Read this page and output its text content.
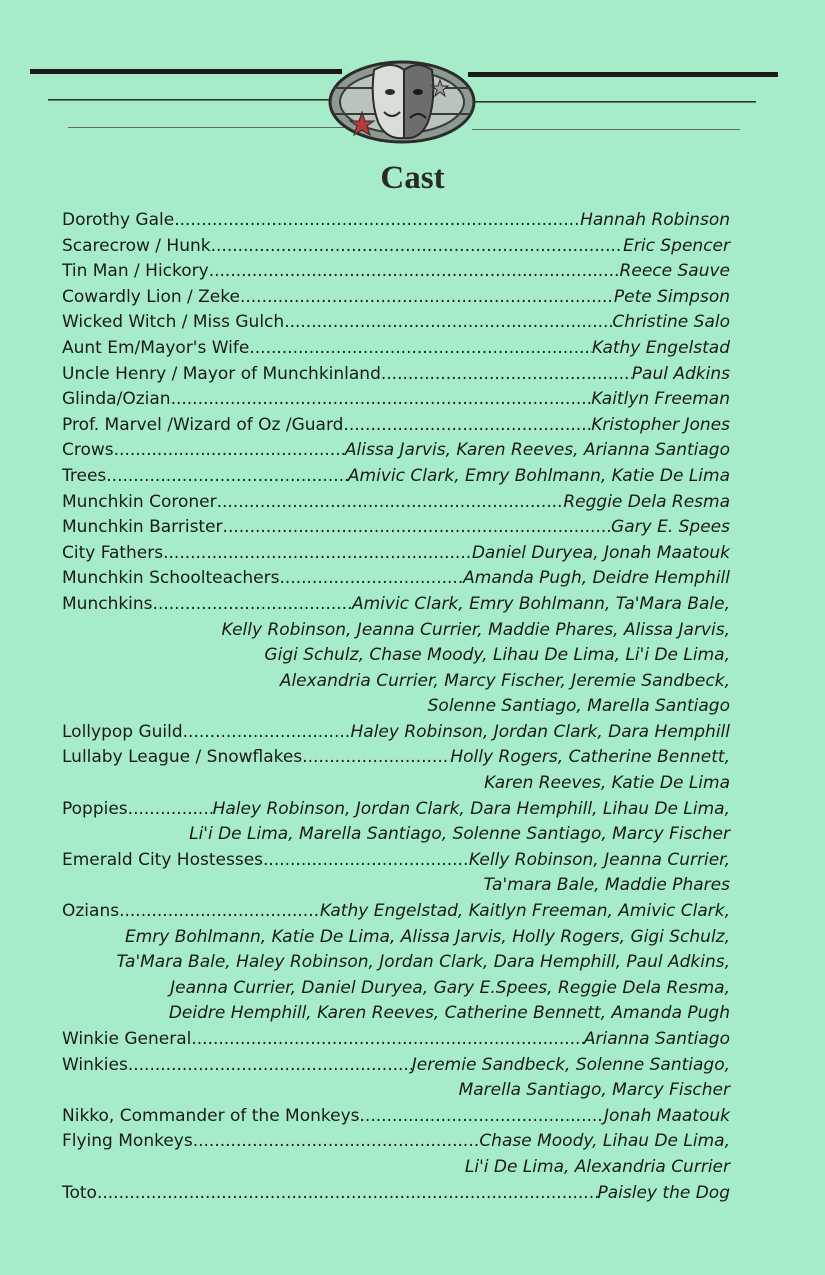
Cast
Dorothy Gale .....	Hannah Robinson
Scarecrow / Hunk .....	Eric Spencer
Tin Man / Hickory .....	Reece Sauve
Cowardly Lion / Zeke .....	Pete Simpson
Wicked Witch / Miss Gulch .....	Christine Salo
Aunt Em/Mayor's Wife .....	Kathy Engelstad
Uncle Henry / Mayor of Munchkinland .....	Paul Adkins
Glinda/Ozian .....	Kaitlyn Freeman
Prof. Marvel /Wizard of Oz /Guard .....	Kristopher Jones
Crows .....	Alissa Jarvis, Karen Reeves, Arianna Santiago
Trees .....	Amivic Clark, Emry Bohlmann, Katie De Lima
Munchkin Coroner .....	Reggie Dela Resma
Munchkin Barrister .....	Gary E. Spees
City Fathers .....	Daniel Duryea, Jonah Maatouk
Munchkin Schoolteachers .....	Amanda Pugh, Deidre Hemphill
Munchkins .....	Amivic Clark, Emry Bohlmann, Ta'Mara Bale,
Kelly Robinson, Jeanna Currier, Maddie Phares, Alissa Jarvis,
Gigi Schulz, Chase Moody, Lihau De Lima, Li'i De Lima,
Alexandria Currier, Marcy Fischer, Jeremie Sandbeck,
Solenne Santiago, Marella Santiago
Lollypop Guild .....	Haley Robinson, Jordan Clark, Dara Hemphill
Lullaby League / Snowflakes .....	Holly Rogers, Catherine Bennett,
Karen Reeves, Katie De Lima
Poppies .....	Haley Robinson, Jordan Clark, Dara Hemphill, Lihau De Lima,
Li'i De Lima, Marella Santiago, Solenne Santiago, Marcy Fischer
Emerald City Hostesses .....	Kelly Robinson, Jeanna Currier,
Ta'mara Bale, Maddie Phares
Ozians .....	Kathy Engelstad, Kaitlyn Freeman, Amivic Clark,
Emry Bohlmann, Katie De Lima, Alissa Jarvis, Holly Rogers, Gigi Schulz,
Ta'Mara Bale, Haley Robinson, Jordan Clark, Dara Hemphill, Paul Adkins,
Jeanna Currier, Daniel Duryea, Gary E.Spees, Reggie Dela Resma,
Deidre Hemphill, Karen Reeves, Catherine Bennett, Amanda Pugh
Winkie General .....	Arianna Santiago
Winkies .....	Jeremie Sandbeck, Solenne Santiago,
Marella Santiago, Marcy Fischer
Nikko, Commander of the Monkeys .....	Jonah Maatouk
Flying Monkeys .....	Chase Moody, Lihau De Lima,
Li'i De Lima, Alexandria Currier
Toto .....	Paisley the Dog
